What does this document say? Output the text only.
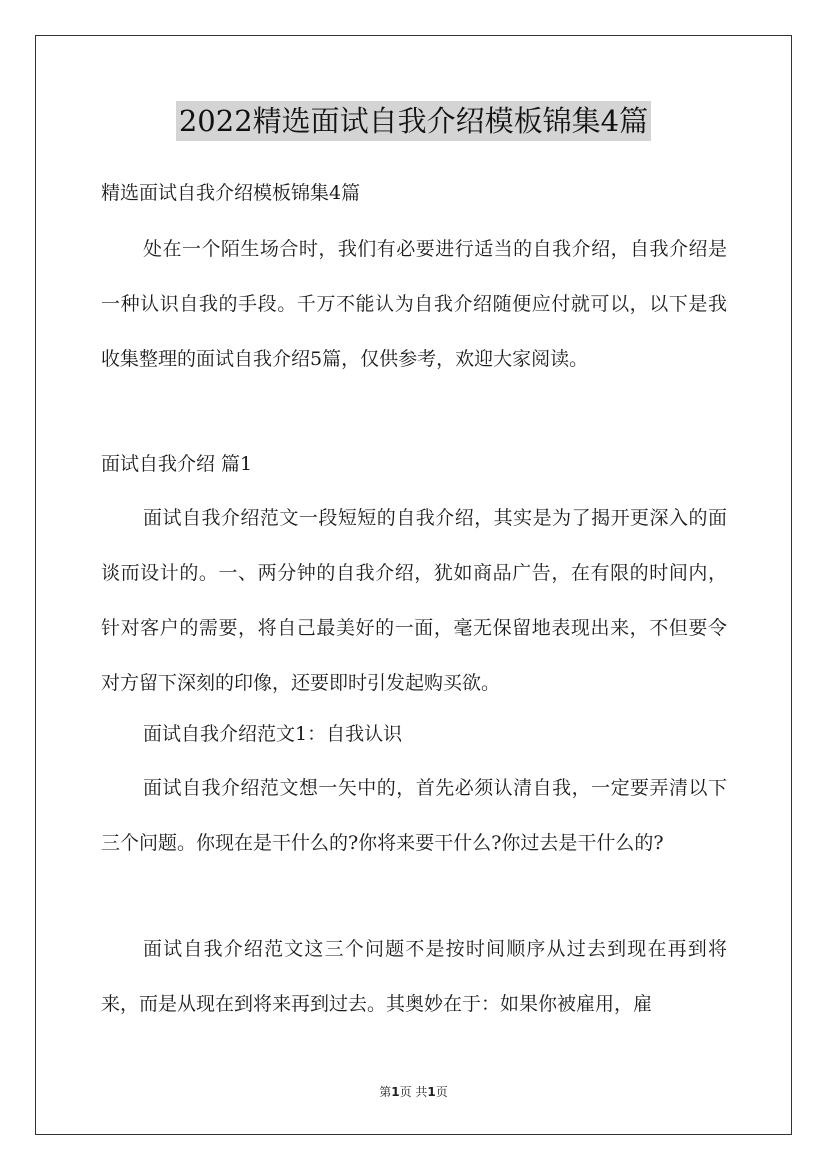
2022精选面试自我介绍模板锦集4篇

精选面试自我介绍模板锦集4篇

处在一个陌生场合时，我们有必要进行适当的自我介绍，自我介绍是一种认识自我的手段。千万不能认为自我介绍随便应付就可以，以下是我收集整理的面试自我介绍5篇，仅供参考，欢迎大家阅读。

面试自我介绍 篇1

面试自我介绍范文一段短短的自我介绍，其实是为了揭开更深入的面谈而设计的。一、两分钟的自我介绍，犹如商品广告，在有限的时间内，针对客户的需要，将自己最美好的一面，毫无保留地表现出来，不但要令对方留下深刻的印像，还要即时引发起购买欲。

面试自我介绍范文1：自我认识

面试自我介绍范文想一矢中的，首先必须认清自我，一定要弄清以下三个问题。你现在是干什么的?你将来要干什么?你过去是干什么的?

面试自我介绍范文这三个问题不是按时间顺序从过去到现在再到将来，而是从现在到将来再到过去。其奥妙在于：如果你被雇用，雇

第1页 共1页
